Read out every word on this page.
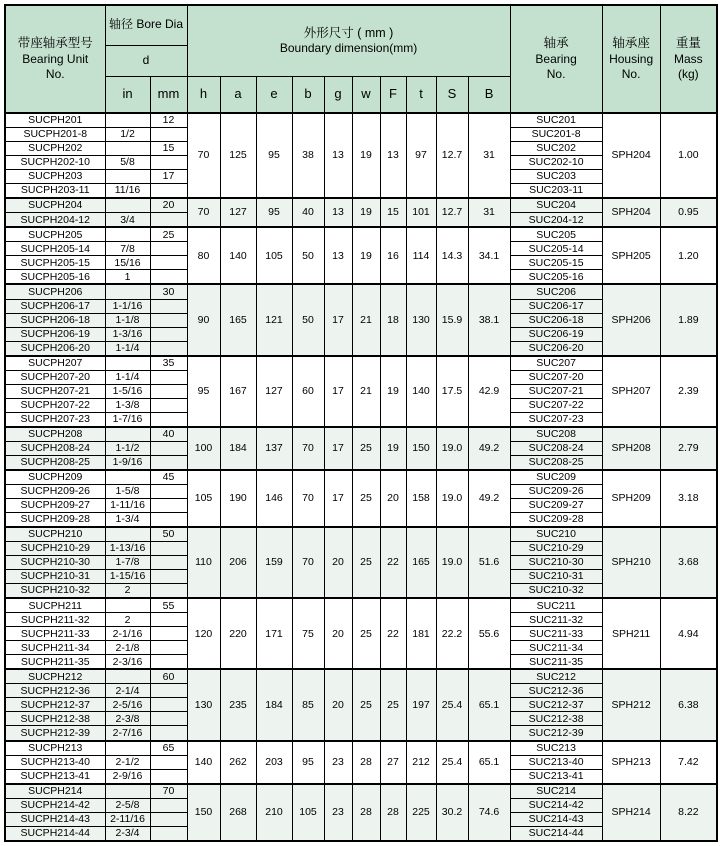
带座轴承型号
Bearing Unit
No.
	轴径 Bore Dia	
外形尺寸 ( mm )
Boundary dimension(mm)	轴承
Bearing
No.

轴承座
Housing
No.

重量
Mass
(kg)

	d														
	in	mm	h	a	e	b	g	w	F	t	S	B			
SUCPH201		12	70	125	95	38	13	19	13	97	12.7	31	SUC201	SPH204	1.00
SUCPH201-8	1/2												SUC201-8		
SUCPH202		15											SUC202		
SUCPH202-10	5/8												SUC202-10		
SUCPH203		17											SUC203		
SUCPH203-11	11/16												SUC203-11		
SUCPH204		20	70	127	95	40	13	19	15	101	12.7	31	SUC204	SPH204	0.95
SUCPH204-12	3/4												SUC204-12		
SUCPH205		25	80	140	105	50	13	19	16	114	14.3	34.1	SUC205	SPH205	1.20
SUCPH205-14	7/8												SUC205-14		
SUCPH205-15	15/16												SUC205-15		
SUCPH205-16	1												SUC205-16		
SUCPH206		30	90	165	121	50	17	21	18	130	15.9	38.1	SUC206	SPH206	1.89
SUCPH206-17	1-1/16												SUC206-17		
SUCPH206-18	1-1/8												SUC206-18		
SUCPH206-19	1-3/16												SUC206-19		
SUCPH206-20	1-1/4												SUC206-20		
SUCPH207		35	95	167	127	60	17	21	19	140	17.5	42.9	SUC207	SPH207	2.39
SUCPH207-20	1-1/4												SUC207-20		
SUCPH207-21	1-5/16												SUC207-21		
SUCPH207-22	1-3/8												SUC207-22		
SUCPH207-23	1-7/16												SUC207-23		
SUCPH208		40	100	184	137	70	17	25	19	150	19.0	49.2	SUC208	SPH208	2.79
SUCPH208-24	1-1/2												SUC208-24		
SUCPH208-25	1-9/16												SUC208-25		
SUCPH209		45	105	190	146	70	17	25	20	158	19.0	49.2	SUC209	SPH209	3.18
SUCPH209-26	1-5/8												SUC209-26		
SUCPH209-27	1-11/16												SUC209-27		
SUCPH209-28	1-3/4												SUC209-28		
SUCPH210		50	110	206	159	70	20	25	22	165	19.0	51.6	SUC210	SPH210	3.68
SUCPH210-29	1-13/16												SUC210-29		
SUCPH210-30	1-7/8												SUC210-30		
SUCPH210-31	1-15/16												SUC210-31		
SUCPH210-32	2												SUC210-32		
SUCPH211		55	120	220	171	75	20	25	22	181	22.2	55.6	SUC211	SPH211	4.94
SUCPH211-32	2												SUC211-32		
SUCPH211-33	2-1/16												SUC211-33		
SUCPH211-34	2-1/8												SUC211-34		
SUCPH211-35	2-3/16												SUC211-35		
SUCPH212		60	130	235	184	85	20	25	25	197	25.4	65.1	SUC212	SPH212	6.38
SUCPH212-36	2-1/4												SUC212-36		
SUCPH212-37	2-5/16												SUC212-37		
SUCPH212-38	2-3/8												SUC212-38		
SUCPH212-39	2-7/16												SUC212-39		
SUCPH213		65	140	262	203	95	23	28	27	212	25.4	65.1	SUC213	SPH213	7.42
SUCPH213-40	2-1/2												SUC213-40		
SUCPH213-41	2-9/16												SUC213-41		
SUCPH214		70	150	268	210	105	23	28	28	225	30.2	74.6	SUC214	SPH214	8.22
SUCPH214-42	2-5/8												SUC214-42		
SUCPH214-43	2-11/16												SUC214-43		
SUCPH214-44	2-3/4												SUC214-44		
